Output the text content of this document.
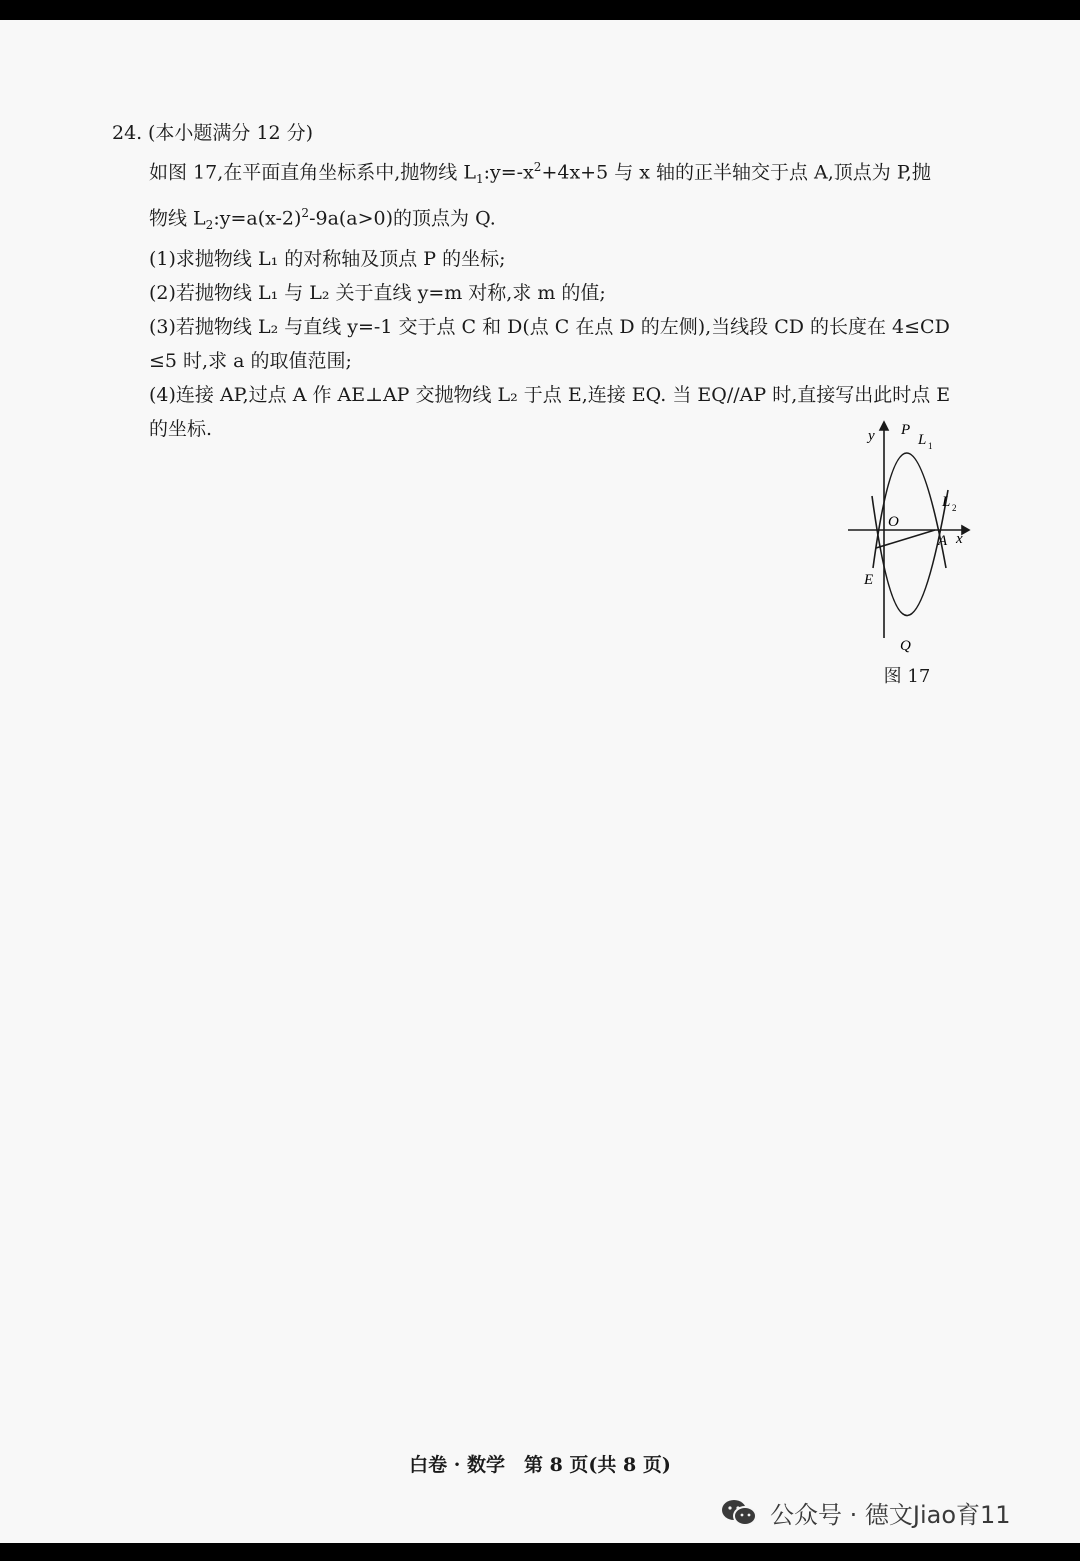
24. (本小题满分 12 分)
如图 17,在平面直角坐标系中,抛物线 $L_1:y=-x^2+4x+5$ 与 x 轴的正半轴交于点 A,顶点为 P,抛
物线 $L_2:y=a(x-2)^2-9a(a>0)$的顶点为 Q.
(1)求抛物线 L₁ 的对称轴及顶点 P 的坐标;
(2)若抛物线 L₁ 与 L₂ 关于直线 y=m 对称,求 m 的值;
(3)若抛物线 L₂ 与直线 y=-1 交于点 C 和 D(点 C 在点 D 的左侧),当线段 CD 的长度在 4≤CD
≤5 时,求 a 的取值范围;
(4)连接 AP,过点 A 作 AE⊥AP 交抛物线 L₂ 于点 E,连接 EQ. 当 EQ//AP 时,直接写出此时点 E
的坐标.	y P
L 1
L 2
O
A x
E
Q
图 17
白卷 · 数学　第 8 页(共 8 页)
公众号 · 德文Jiao育11
